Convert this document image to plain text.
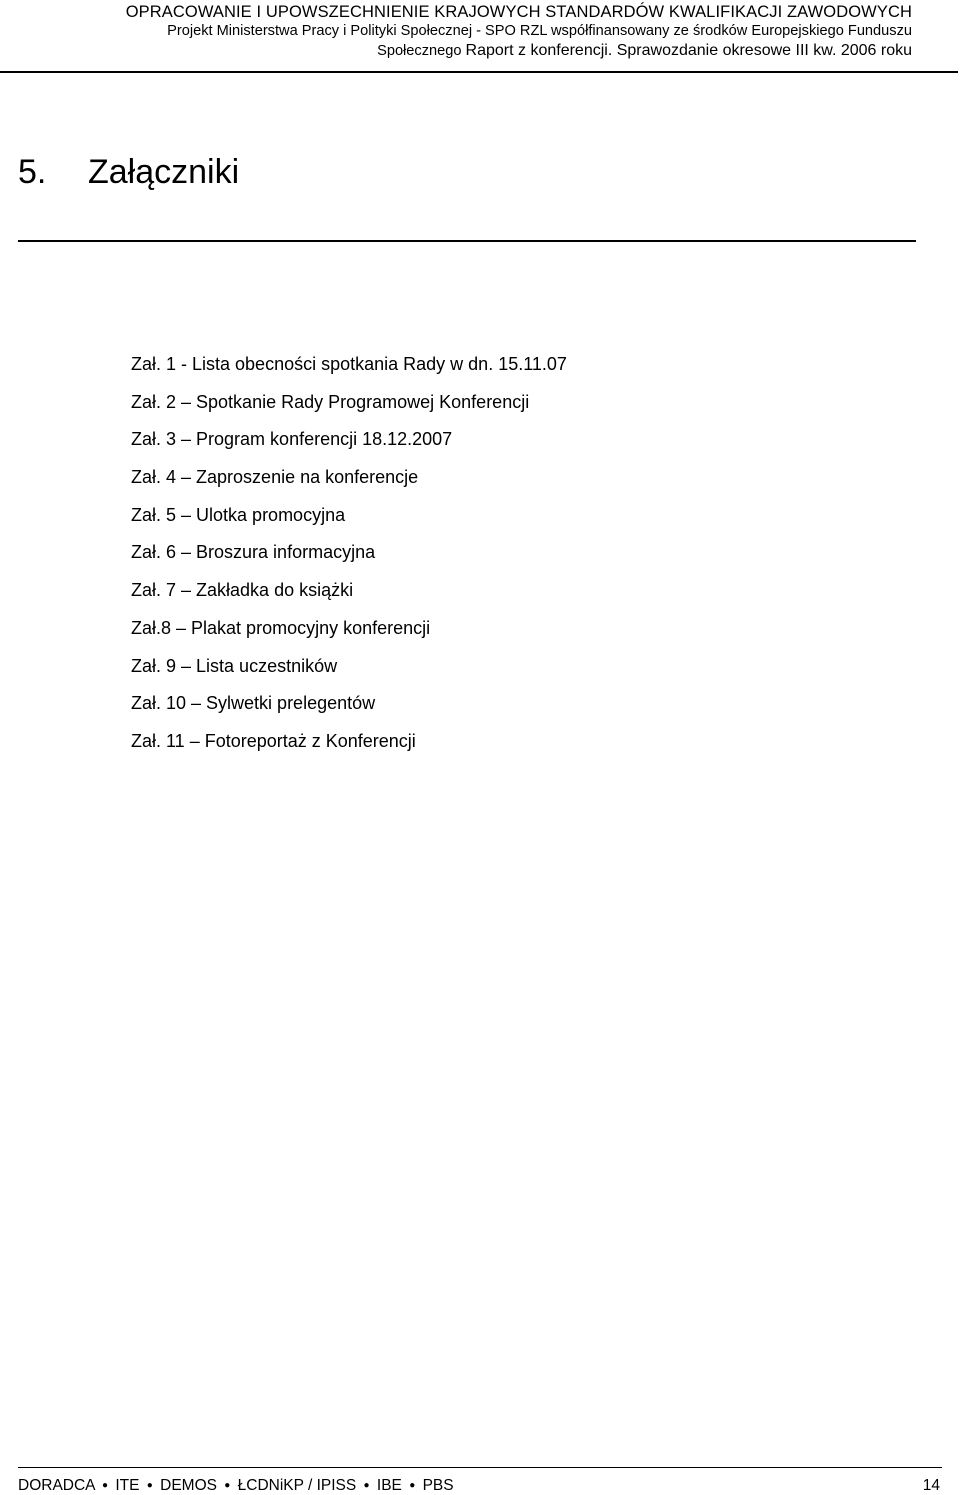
OPRACOWANIE I UPOWSZECHNIENIE KRAJOWYCH STANDARDÓW KWALIFIKACJI ZAWODOWYCH
Projekt Ministerstwa Pracy i Polityki Społecznej - SPO RZL współfinansowany ze środków Europejskiego Funduszu
Społecznego Raport z konferencji. Sprawozdanie okresowe III kw. 2006 roku
5. Załączniki
Zał. 1 - Lista obecności spotkania Rady w dn. 15.11.07
Zał. 2 – Spotkanie Rady Programowej Konferencji
Zał. 3 – Program konferencji 18.12.2007
Zał. 4 – Zaproszenie na konferencje
Zał. 5 – Ulotka promocyjna
Zał. 6 – Broszura informacyjna
Zał. 7 – Zakładka do książki
Zał.8 – Plakat promocyjny konferencji
Zał. 9 – Lista uczestników
Zał. 10 – Sylwetki prelegentów
Zał. 11 – Fotoreportaż z Konferencji
DORADCA ● ITE ● DEMOS ● ŁCDNiKP / IPISS ● IBE ● PBS	14
